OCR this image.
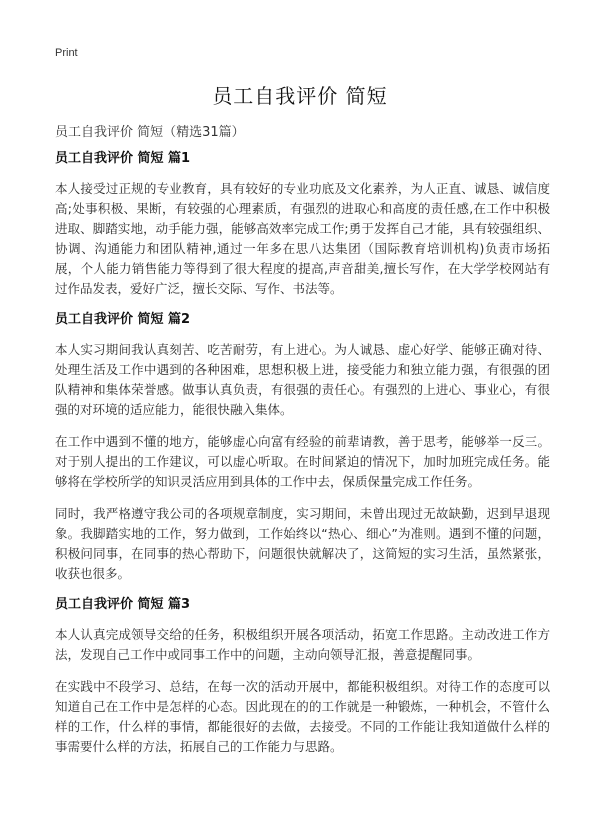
Print
员工自我评价 简短
员工自我评价 简短（精选31篇）
员工自我评价 简短 篇1

本人接受过正规的专业教育，具有较好的专业功底及文化素养，为人正直、诚恳、诚信度高;处事积极、果断，有较强的心理素质，有强烈的进取心和高度的责任感,在工作中积极进取、脚踏实地，动手能力强，能够高效率完成工作;勇于发挥自己才能，具有较强组织、协调、沟通能力和团队精神,通过一年多在思八达集团（国际教育培训机构)负责市场拓展，个人能力销售能力等得到了很大程度的提高,声音甜美,擅长写作，在大学学校网站有过作品发表，爱好广泛，擅长交际、写作、书法等。

员工自我评价 简短 篇2

本人实习期间我认真刻苦、吃苦耐劳，有上进心。为人诚恳、虚心好学、能够正确对待、处理生活及工作中遇到的各种困难，思想积极上进，接受能力和独立能力强，有很强的团队精神和集体荣誉感。做事认真负责，有很强的责任心。有强烈的上进心、事业心，有很强的对环境的适应能力，能很快融入集体。

在工作中遇到不懂的地方，能够虚心向富有经验的前辈请教，善于思考，能够举一反三。对于别人提出的工作建议，可以虚心听取。在时间紧迫的情况下，加时加班完成任务。能够将在学校所学的知识灵活应用到具体的工作中去，保质保量完成工作任务。

同时，我严格遵守我公司的各项规章制度，实习期间，未曾出现过无故缺勤，迟到早退现象。我脚踏实地的工作，努力做到，工作始终以“热心、细心”为准则。遇到不懂的问题，积极问同事，在同事的热心帮助下，问题很快就解决了，这简短的实习生活，虽然紧张，收获也很多。

员工自我评价 简短 篇3

本人认真完成领导交给的任务，积极组织开展各项活动，拓宽工作思路。主动改进工作方法，发现自己工作中或同事工作中的问题，主动向领导汇报，善意提醒同事。

在实践中不段学习、总结，在每一次的活动开展中，都能积极组织。对待工作的态度可以知道自己在工作中是怎样的心态。因此现在的的工作就是一种锻炼，一种机会，不管什么样的工作，什么样的事情，都能很好的去做，去接受。不同的工作能让我知道做什么样的事需要什么样的方法，拓展自己的工作能力与思路。
